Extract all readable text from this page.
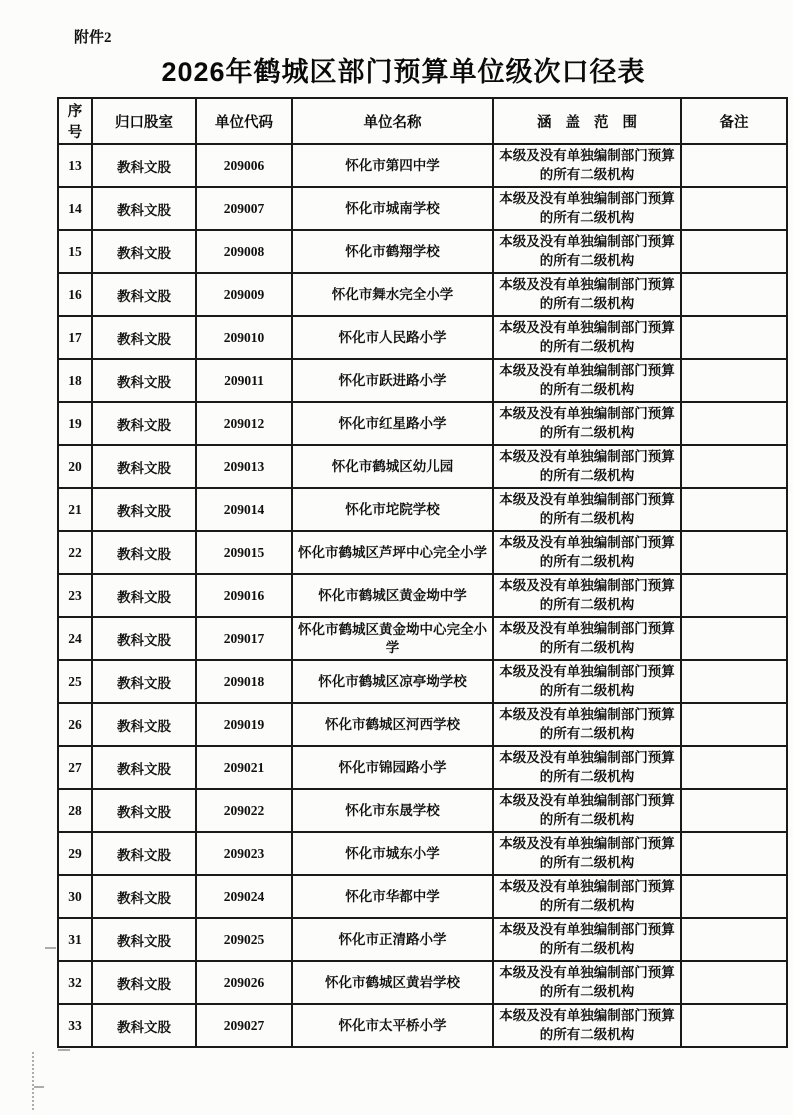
附件2
2026年鹤城区部门预算单位级次口径表
序号	归口股室	单位代码	单位名称	涵 盖 范 围	备注
13	教科文股	209006	怀化市第四中学	本级及没有单独编制部门预算的所有二级机构	
14	教科文股	209007	怀化市城南学校	本级及没有单独编制部门预算的所有二级机构	
15	教科文股	209008	怀化市鹤翔学校	本级及没有单独编制部门预算的所有二级机构	
16	教科文股	209009	怀化市舞水完全小学	本级及没有单独编制部门预算的所有二级机构	
17	教科文股	209010	怀化市人民路小学	本级及没有单独编制部门预算的所有二级机构	
18	教科文股	209011	怀化市跃进路小学	本级及没有单独编制部门预算的所有二级机构	
19	教科文股	209012	怀化市红星路小学	本级及没有单独编制部门预算的所有二级机构	
20	教科文股	209013	怀化市鹤城区幼儿园	本级及没有单独编制部门预算的所有二级机构	
21	教科文股	209014	怀化市坨院学校	本级及没有单独编制部门预算的所有二级机构	
22	教科文股	209015	怀化市鹤城区芦坪中心完全小学	本级及没有单独编制部门预算的所有二级机构	
23	教科文股	209016	怀化市鹤城区黄金坳中学	本级及没有单独编制部门预算的所有二级机构	
24	教科文股	209017	怀化市鹤城区黄金坳中心完全小学	本级及没有单独编制部门预算的所有二级机构	
25	教科文股	209018	怀化市鹤城区凉亭坳学校	本级及没有单独编制部门预算的所有二级机构	
26	教科文股	209019	怀化市鹤城区河西学校	本级及没有单独编制部门预算的所有二级机构	
27	教科文股	209021	怀化市锦园路小学	本级及没有单独编制部门预算的所有二级机构	
28	教科文股	209022	怀化市东晟学校	本级及没有单独编制部门预算的所有二级机构	
29	教科文股	209023	怀化市城东小学	本级及没有单独编制部门预算的所有二级机构	
30	教科文股	209024	怀化市华都中学	本级及没有单独编制部门预算的所有二级机构	
31	教科文股	209025	怀化市正清路小学	本级及没有单独编制部门预算的所有二级机构	
32	教科文股	209026	怀化市鹤城区黄岩学校	本级及没有单独编制部门预算的所有二级机构	
33	教科文股	209027	怀化市太平桥小学	本级及没有单独编制部门预算的所有二级机构	
